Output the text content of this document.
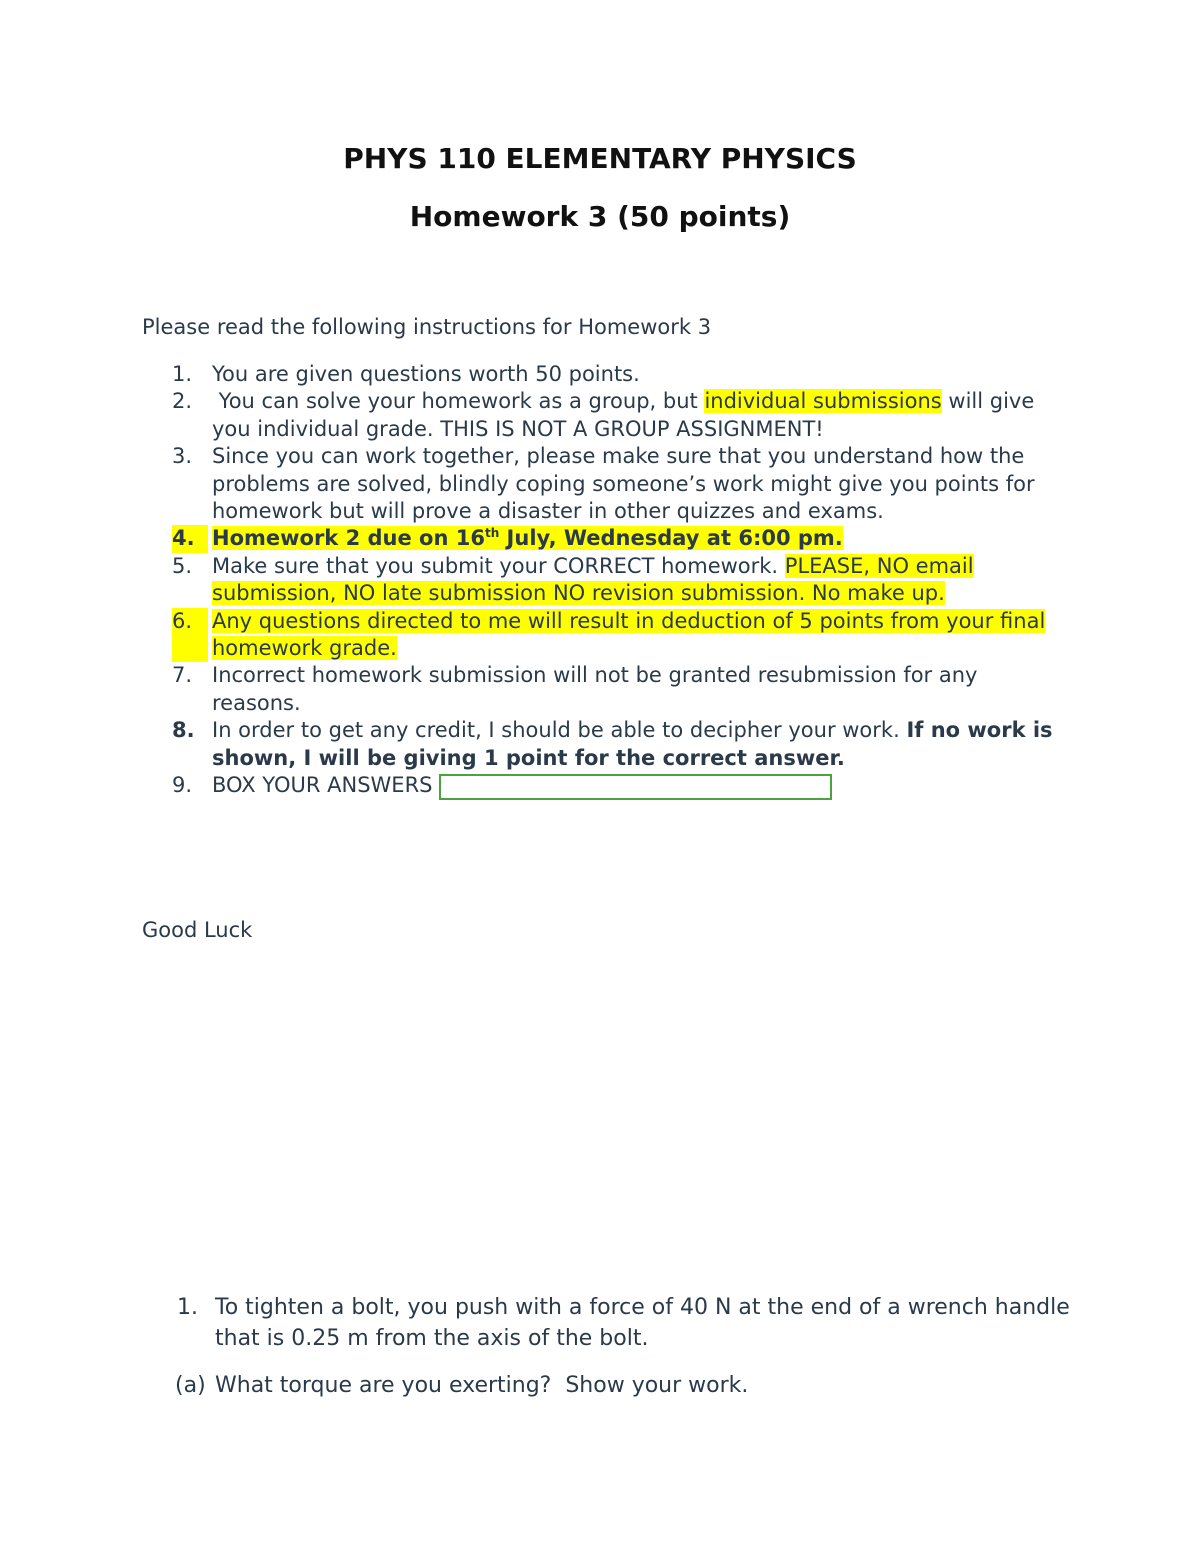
PHYS 110 ELEMENTARY PHYSICS
Homework 3 (50 points)
Please read the following instructions for Homework 3
1. You are given questions worth 50 points.
2. You can solve your homework as a group, but individual submissions will give you individual grade. THIS IS NOT A GROUP ASSIGNMENT!
3. Since you can work together, please make sure that you understand how the problems are solved, blindly coping someone’s work might give you points for homework but will prove a disaster in other quizzes and exams.
4. Homework 2 due on 16th July, Wednesday at 6:00 pm.
5. Make sure that you submit your CORRECT homework. PLEASE, NO email submission, NO late submission NO revision submission. No make up.
6. Any questions directed to me will result in deduction of 5 points from your final homework grade.
7. Incorrect homework submission will not be granted resubmission for any reasons.
8. In order to get any credit, I should be able to decipher your work. If no work is shown, I will be giving 1 point for the correct answer.
9. BOX YOUR ANSWERS
Good Luck
1. To tighten a bolt, you push with a force of 40 N at the end of a wrench handle that is 0.25 m from the axis of the bolt.
(a) What torque are you exerting?  Show your work.
